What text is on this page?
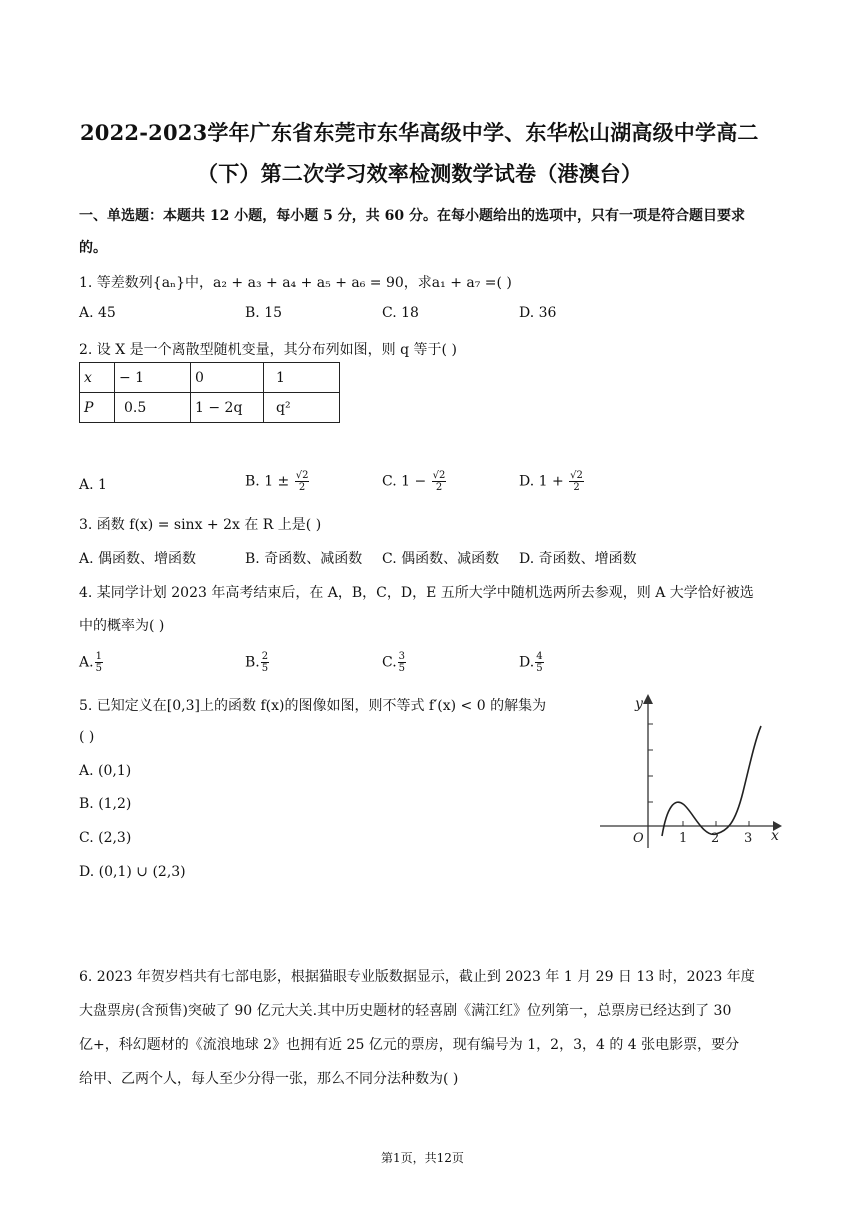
2022-2023学年广东省东莞市东华高级中学、东华松山湖高级中学高二
（下）第二次学习效率检测数学试卷（港澳台）
一、单选题：本题共 12 小题，每小题 5 分，共 60 分。在每小题给出的选项中，只有一项是符合题目要求
的。
1. 等差数列{aₙ}中，a₂ + a₃ + a₄ + a₅ + a₆ = 90，求a₁ + a₇ =( )
A. 45	B. 15	C. 18	D. 36
2. 设 X 是一个离散型随机变量，其分布列如图，则 q 等于( )
x	− 1	0	1
P	0.5	1 − 2q	q²
A. 1	B. $1 \pm \frac{√2}{2}$	C. $1 - \frac{√2}{2}$	D. $1 + \frac{√2}{2}$
3. 函数 f(x) = sinx + 2x 在 R 上是( )
A. 偶函数、增函数	B. 奇函数、减函数 C. 偶函数、减函数 D. 奇函数、增函数
4. 某同学计划 2023 年高考结束后，在 A，B，C，D，E 五所大学中随机选两所去参观，则 A 大学恰好被选
中的概率为( )
A. $\frac{1}{5}$	B. $\frac{2}{5}$	C. $\frac{3}{5}$	D. $\frac{4}{5}$
5. 已知定义在[0,3]上的函数 f(x)的图像如图，则不等式 f′(x) < 0 的解集为
( )
A. (0,1)
B. (1,2)
C. (2,3)
D. (0,1) ∪ (2,3)
y
x
O	1 2 3
6. 2023 年贺岁档共有七部电影，根据猫眼专业版数据显示，截止到 2023 年 1 月 29 日 13 时，2023 年度
大盘票房(含预售)突破了 90 亿元大关.其中历史题材的轻喜剧《满江红》位列第一，总票房已经达到了 30
亿+，科幻题材的《流浪地球 2》也拥有近 25 亿元的票房，现有编号为 1，2，3，4 的 4 张电影票，要分
给甲、乙两个人，每人至少分得一张，那么不同分法种数为( )
第1页，共12页
